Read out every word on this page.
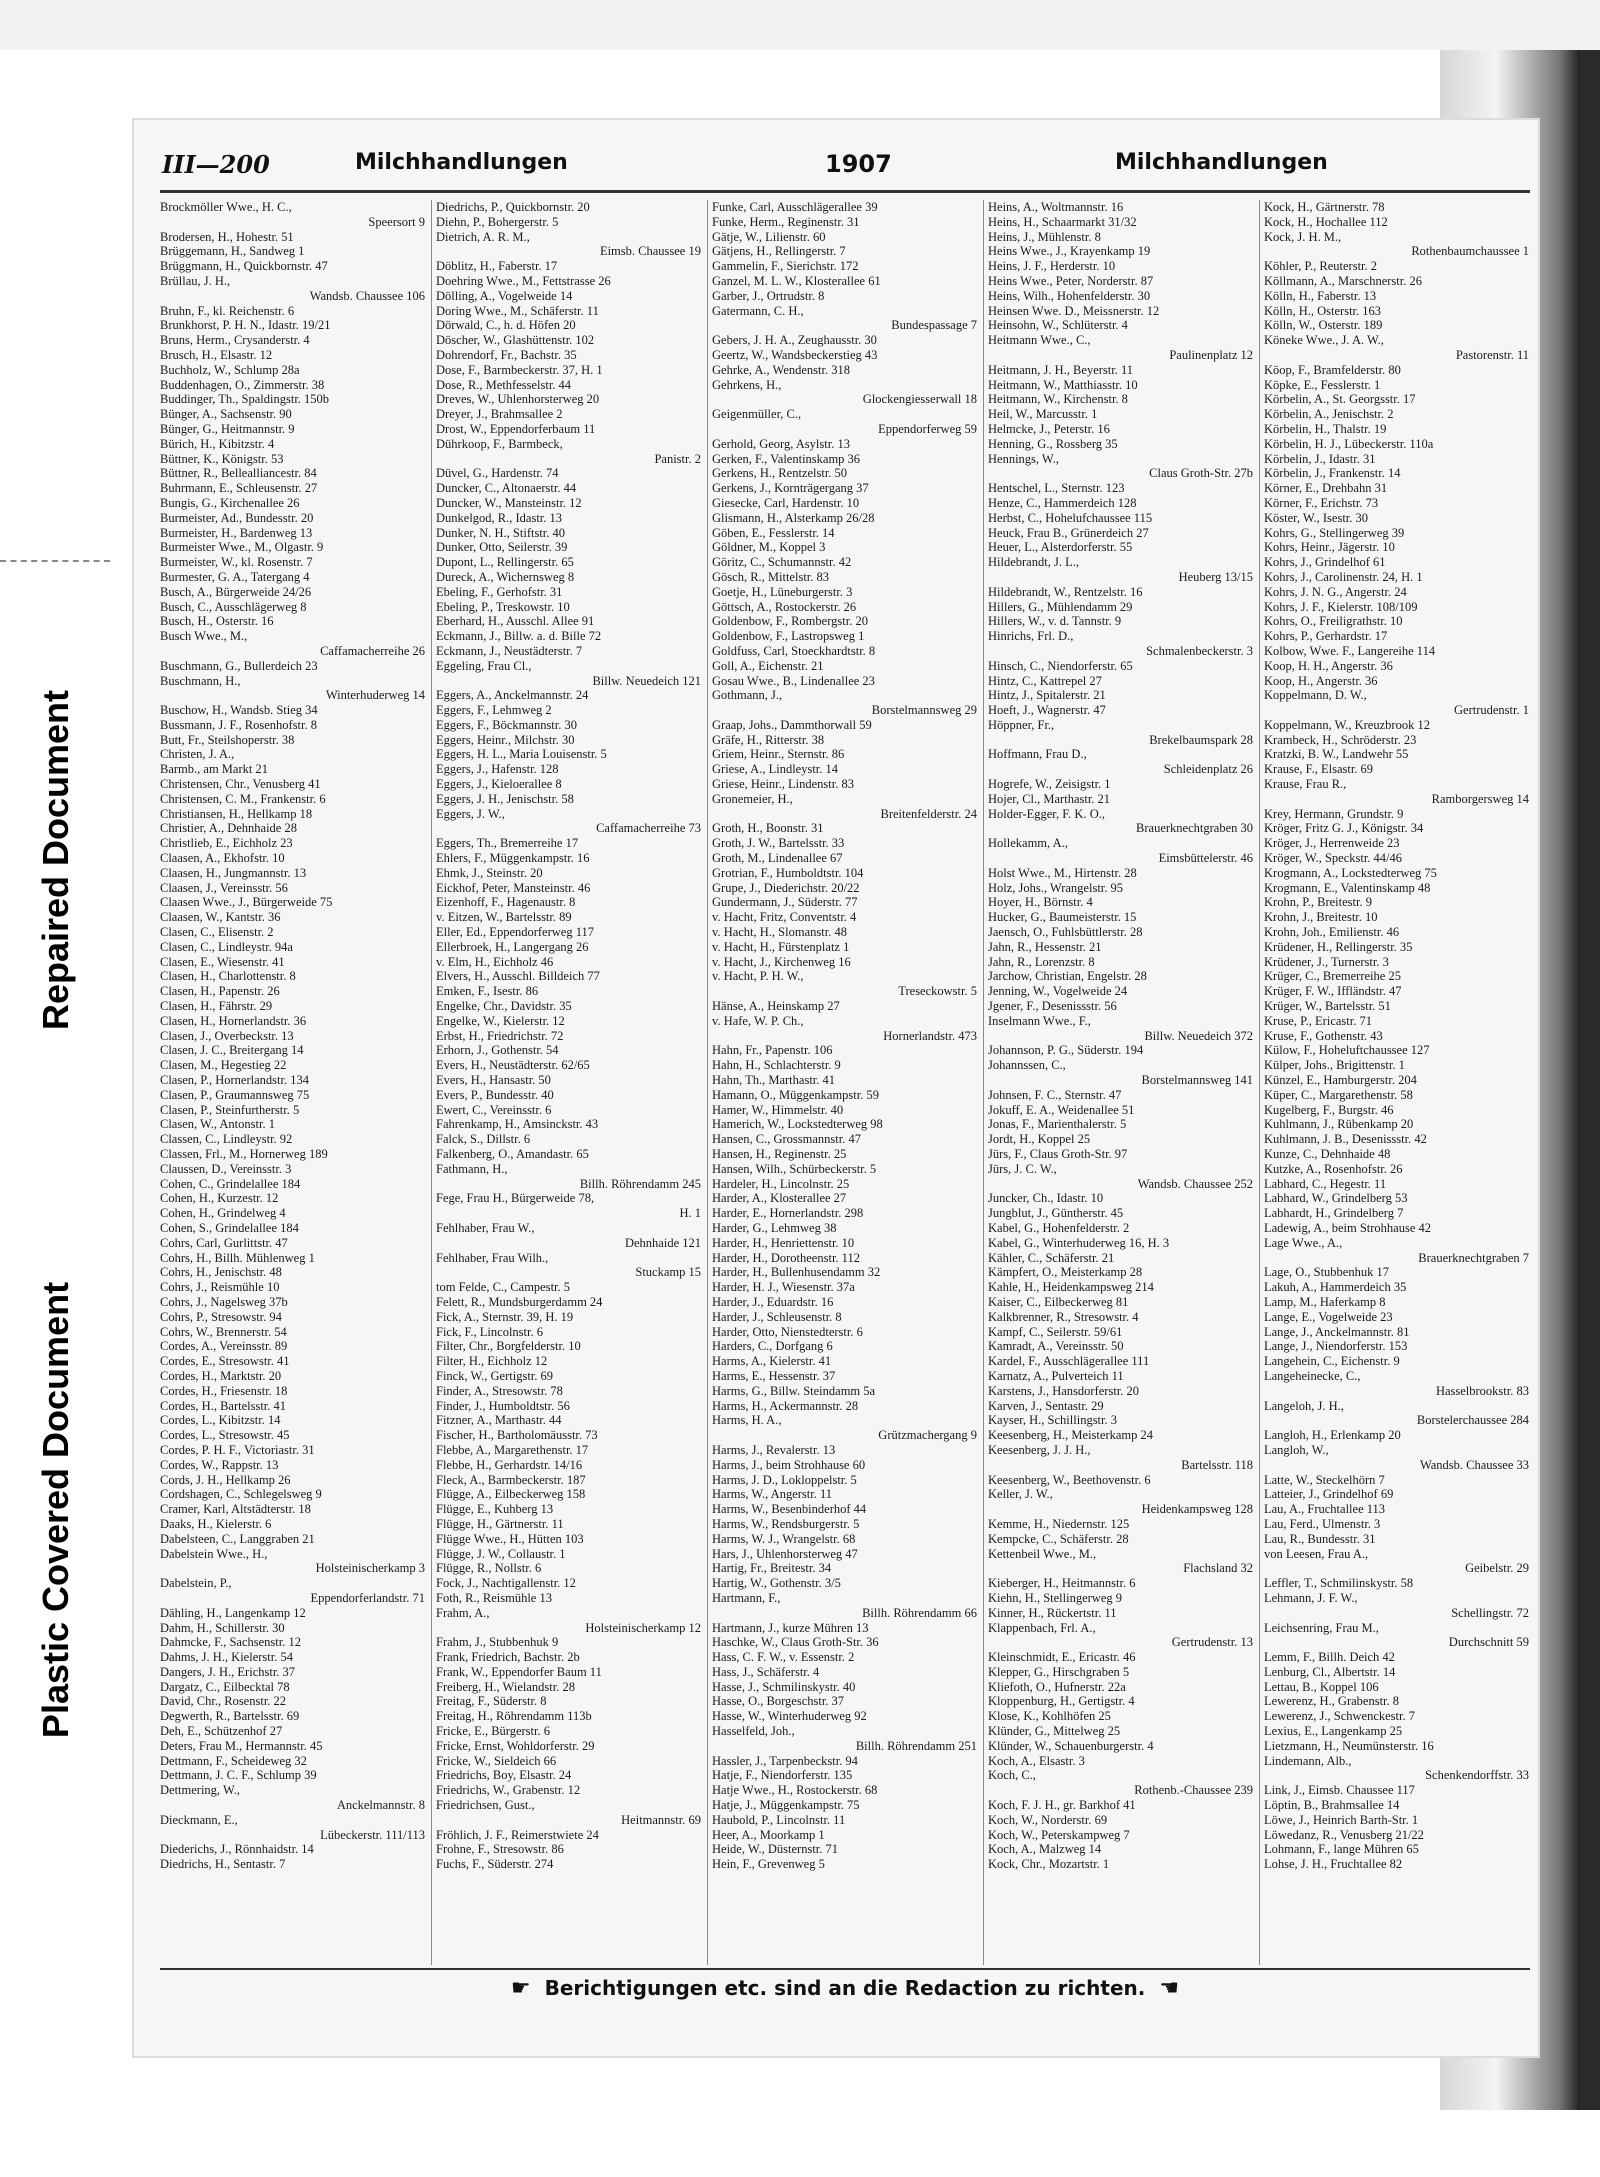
Repaired Document
Plastic Covered Document
III—200	Milchhandlungen	1907	Milchhandlungen
Brockmöller Wwe., H. C.,
Speersort 9
Brodersen, H., Hohestr. 51
Brüggemann, H., Sandweg 1
Brüggmann, H., Quickbornstr. 47
Brüllau, J. H.,
Wandsb. Chaussee 106
Bruhn, F., kl. Reichenstr. 6
Brunkhorst, P. H. N., Idastr. 19/21
Bruns, Herm., Crysanderstr. 4
Brusch, H., Elsastr. 12
Buchholz, W., Schlump 28a
Buddenhagen, O., Zimmerstr. 38
Buddinger, Th., Spaldingstr. 150b
Bünger, A., Sachsenstr. 90
Bünger, G., Heitmannstr. 9
Bürich, H., Kibitzstr. 4
Büttner, K., Königstr. 53
Büttner, R., Bellealliancestr. 84
Buhrmann, E., Schleusenstr. 27
Bungis, G., Kirchenallee 26
Burmeister, Ad., Bundesstr. 20
Burmeister, H., Bardenweg 13
Burmeister Wwe., M., Olgastr. 9
Burmeister, W., kl. Rosenstr. 7
Burmester, G. A., Tatergang 4
Busch, A., Bürgerweide 24/26
Busch, C., Ausschlägerweg 8
Busch, H., Osterstr. 16
Busch Wwe., M.,
Caffamacherreihe 26
Buschmann, G., Bullerdeich 23
Buschmann, H.,
Winterhuderweg 14
Buschow, H., Wandsb. Stieg 34
Bussmann, J. F., Rosenhofstr. 8
Butt, Fr., Steilshoperstr. 38
Christen, J. A.,
Barmb., am Markt 21
Christensen, Chr., Venusberg 41
Christensen, C. M., Frankenstr. 6
Christiansen, H., Hellkamp 18
Christier, A., Dehnhaide 28
Christlieb, E., Eichholz 23
Claasen, A., Ekhofstr. 10
Claasen, H., Jungmannstr. 13
Claasen, J., Vereinsstr. 56
Claasen Wwe., J., Bürgerweide 75
Claasen, W., Kantstr. 36
Clasen, C., Elisenstr. 2
Clasen, C., Lindleystr. 94a
Clasen, E., Wiesenstr. 41
Clasen, H., Charlottenstr. 8
Clasen, H., Papenstr. 26
Clasen, H., Fährstr. 29
Clasen, H., Hornerlandstr. 36
Clasen, J., Overbeckstr. 13
Clasen, J. C., Breitergang 14
Clasen, M., Hegestieg 22
Clasen, P., Hornerlandstr. 134
Clasen, P., Graumannsweg 75
Clasen, P., Steinfurtherstr. 5
Clasen, W., Antonstr. 1
Classen, C., Lindleystr. 92
Classen, Frl., M., Hornerweg 189
Claussen, D., Vereinsstr. 3
Cohen, C., Grindelallee 184
Cohen, H., Kurzestr. 12
Cohen, H., Grindelweg 4
Cohen, S., Grindelallee 184
Cohrs, Carl, Gurlittstr. 47
Cohrs, H., Billh. Mühlenweg 1
Cohrs, H., Jenischstr. 48
Cohrs, J., Reismühle 10
Cohrs, J., Nagelsweg 37b
Cohrs, P., Stresowstr. 94
Cohrs, W., Brennerstr. 54
Cordes, A., Vereinsstr. 89
Cordes, E., Stresowstr. 41
Cordes, H., Marktstr. 20
Cordes, H., Friesenstr. 18
Cordes, H., Bartelsstr. 41
Cordes, L., Kibitzstr. 14
Cordes, L., Stresowstr. 45
Cordes, P. H. F., Victoriastr. 31
Cordes, W., Rappstr. 13
Cords, J. H., Hellkamp 26
Cordshagen, C., Schlegelsweg 9
Cramer, Karl, Altstädterstr. 18
Daaks, H., Kielerstr. 6
Dabelsteen, C., Langgraben 21
Dabelstein Wwe., H.,
Holsteinischerkamp 3
Dabelstein, P.,
Eppendorferlandstr. 71
Dähling, H., Langenkamp 12
Dahm, H., Schillerstr. 30
Dahmcke, F., Sachsenstr. 12
Dahms, J. H., Kielerstr. 54
Dangers, J. H., Erichstr. 37
Dargatz, C., Eilbecktal 78
David, Chr., Rosenstr. 22
Degwerth, R., Bartelsstr. 69
Deh, E., Schützenhof 27
Deters, Frau M., Hermannstr. 45
Dettmann, F., Scheideweg 32
Dettmann, J. C. F., Schlump 39
Dettmering, W.,
Anckelmannstr. 8
Dieckmann, E.,
Lübeckerstr. 111/113
Diederichs, J., Rönnhaidstr. 14
Diedrichs, H., Sentastr. 7
Diedrichs, P., Quickbornstr. 20
Diehn, P., Bohergerstr. 5
Dietrich, A. R. M.,
Eimsb. Chaussee 19
Döblitz, H., Faberstr. 17
Doehring Wwe., M., Fettstrasse 26
Dölling, A., Vogelweide 14
Doring Wwe., M., Schäferstr. 11
Dörwald, C., h. d. Höfen 20
Döscher, W., Glashüttenstr. 102
Dohrendorf, Fr., Bachstr. 35
Dose, F., Barmbeckerstr. 37, H. 1
Dose, R., Methfesselstr. 44
Dreves, W., Uhlenhorsterweg 20
Dreyer, J., Brahmsallee 2
Drost, W., Eppendorferbaum 11
Dührkoop, F., Barmbeck,
Panistr. 2
Düvel, G., Hardenstr. 74
Duncker, C., Altonaerstr. 44
Duncker, W., Mansteinstr. 12
Dunkelgod, R., Idastr. 13
Dunker, N. H., Stiftstr. 40
Dunker, Otto, Seilerstr. 39
Dupont, L., Rellingerstr. 65
Dureck, A., Wichernsweg 8
Ebeling, F., Gerhofstr. 31
Ebeling, P., Treskowstr. 10
Eberhard, H., Ausschl. Allee 91
Eckmann, J., Billw. a. d. Bille 72
Eckmann, J., Neustädterstr. 7
Eggeling, Frau Cl.,
Billw. Neuedeich 121
Eggers, A., Anckelmannstr. 24
Eggers, F., Lehmweg 2
Eggers, F., Böckmannstr. 30
Eggers, Heinr., Milchstr. 30
Eggers, H. L., Maria Louisenstr. 5
Eggers, J., Hafenstr. 128
Eggers, J., Kieloerallee 8
Eggers, J. H., Jenischstr. 58
Eggers, J. W.,
Caffamacherreihe 73
Eggers, Th., Bremerreihe 17
Ehlers, F., Müggenkampstr. 16
Ehmk, J., Steinstr. 20
Eickhof, Peter, Mansteinstr. 46
Eizenhoff, F., Hagenaustr. 8
v. Eitzen, W., Bartelsstr. 89
Eller, Ed., Eppendorferweg 117
Ellerbroek, H., Langergang 26
v. Elm, H., Eichholz 46
Elvers, H., Ausschl. Billdeich 77
Emken, F., Isestr. 86
Engelke, Chr., Davidstr. 35
Engelke, W., Kielerstr. 12
Erbst, H., Friedrichstr. 72
Erhorn, J., Gothenstr. 54
Evers, H., Neustädterstr. 62/65
Evers, H., Hansastr. 50
Evers, P., Bundesstr. 40
Ewert, C., Vereinsstr. 6
Fahrenkamp, H., Amsinckstr. 43
Falck, S., Dillstr. 6
Falkenberg, O., Amandastr. 65
Fathmann, H.,
Billh. Röhrendamm 245
Fege, Frau H., Bürgerweide 78,
H. 1
Fehlhaber, Frau W.,
Dehnhaide 121
Fehlhaber, Frau Wilh.,
Stuckamp 15
tom Felde, C., Campestr. 5
Felett, R., Mundsburgerdamm 24
Fick, A., Sternstr. 39, H. 19
Fick, F., Lincolnstr. 6
Filter, Chr., Borgfelderstr. 10
Filter, H., Eichholz 12
Finck, W., Gertigstr. 69
Finder, A., Stresowstr. 78
Finder, J., Humboldtstr. 56
Fitzner, A., Marthastr. 44
Fischer, H., Bartholomäusstr. 73
Flebbe, A., Margarethenstr. 17
Flebbe, H., Gerhardstr. 14/16
Fleck, A., Barmbeckerstr. 187
Flügge, A., Eilbeckerweg 158
Flügge, E., Kuhberg 13
Flügge, H., Gärtnerstr. 11
Flügge Wwe., H., Hütten 103
Flügge, J. W., Collaustr. 1
Flügge, R., Nollstr. 6
Fock, J., Nachtigallenstr. 12
Foth, R., Reismühle 13
Frahm, A.,
Holsteinischerkamp 12
Frahm, J., Stubbenhuk 9
Frank, Friedrich, Bachstr. 2b
Frank, W., Eppendorfer Baum 11
Freiberg, H., Wielandstr. 28
Freitag, F., Süderstr. 8
Freitag, H., Röhrendamm 113b
Fricke, E., Bürgerstr. 6
Fricke, Ernst, Wohldorferstr. 29
Fricke, W., Sieldeich 66
Friedrichs, Boy, Elsastr. 24
Friedrichs, W., Grabenstr. 12
Friedrichsen, Gust.,
Heitmannstr. 69
Fröhlich, J. F., Reimerstwiete 24
Frohne, F., Stresowstr. 86
Fuchs, F., Süderstr. 274
Funke, Carl, Ausschlägerallee 39
Funke, Herm., Reginenstr. 31
Gätje, W., Lilienstr. 60
Gätjens, H., Rellingerstr. 7
Gammelin, F., Sierichstr. 172
Ganzel, M. L. W., Klosterallee 61
Garber, J., Ortrudstr. 8
Gatermann, C. H.,
Bundespassage 7
Gebers, J. H. A., Zeughausstr. 30
Geertz, W., Wandsbeckerstieg 43
Gehrke, A., Wendenstr. 318
Gehrkens, H.,
Glockengiesserwall 18
Geigenmüller, C.,
Eppendorferweg 59
Gerhold, Georg, Asylstr. 13
Gerken, F., Valentinskamp 36
Gerkens, H., Rentzelstr. 50
Gerkens, J., Kornträgergang 37
Giesecke, Carl, Hardenstr. 10
Glismann, H., Alsterkamp 26/28
Göben, E., Fesslerstr. 14
Göldner, M., Koppel 3
Göritz, C., Schumannstr. 42
Gösch, R., Mittelstr. 83
Goetje, H., Lüneburgerstr. 3
Göttsch, A., Rostockerstr. 26
Goldenbow, F., Rombergstr. 20
Goldenbow, F., Lastropsweg 1
Goldfuss, Carl, Stoeckhardtstr. 8
Goll, A., Eichenstr. 21
Gosau Wwe., B., Lindenallee 23
Gothmann, J.,
Borstelmannsweg 29
Graap, Johs., Dammthorwall 59
Gräfe, H., Ritterstr. 38
Griem, Heinr., Sternstr. 86
Griese, A., Lindleystr. 14
Griese, Heinr., Lindenstr. 83
Gronemeier, H.,
Breitenfelderstr. 24
Groth, H., Boonstr. 31
Groth, J. W., Bartelsstr. 33
Groth, M., Lindenallee 67
Grotrian, F., Humboldtstr. 104
Grupe, J., Diederichstr. 20/22
Gundermann, J., Süderstr. 77
v. Hacht, Fritz, Conventstr. 4
v. Hacht, H., Slomanstr. 48
v. Hacht, H., Fürstenplatz 1
v. Hacht, J., Kirchenweg 16
v. Hacht, P. H. W.,
Treseckowstr. 5
Hänse, A., Heinskamp 27
v. Hafe, W. P. Ch.,
Hornerlandstr. 473
Hahn, Fr., Papenstr. 106
Hahn, H., Schlachterstr. 9
Hahn, Th., Marthastr. 41
Hamann, O., Müggenkampstr. 59
Hamer, W., Himmelstr. 40
Hamerich, W., Lockstedterweg 98
Hansen, C., Grossmannstr. 47
Hansen, H., Reginenstr. 25
Hansen, Wilh., Schürbeckerstr. 5
Hardeler, H., Lincolnstr. 25
Harder, A., Klosterallee 27
Harder, E., Hornerlandstr. 298
Harder, G., Lehmweg 38
Harder, H., Henriettenstr. 10
Harder, H., Dorotheenstr. 112
Harder, H., Bullenhusendamm 32
Harder, H. J., Wiesenstr. 37a
Harder, J., Eduardstr. 16
Harder, J., Schleusenstr. 8
Harder, Otto, Nienstedterstr. 6
Harders, C., Dorfgang 6
Harms, A., Kielerstr. 41
Harms, E., Hessenstr. 37
Harms, G., Billw. Steindamm 5a
Harms, H., Ackermannstr. 28
Harms, H. A.,
Grützmachergang 9
Harms, J., Revalerstr. 13
Harms, J., beim Strohhause 60
Harms, J. D., Lokloppelstr. 5
Harms, W., Angerstr. 11
Harms, W., Besenbinderhof 44
Harms, W., Rendsburgerstr. 5
Harms, W. J., Wrangelstr. 68
Hars, J., Uhlenhorsterweg 47
Hartig, Fr., Breitestr. 34
Hartig, W., Gothenstr. 3/5
Hartmann, F.,
Billh. Röhrendamm 66
Hartmann, J., kurze Mühren 13
Haschke, W., Claus Groth-Str. 36
Hass, C. F. W., v. Essenstr. 2
Hass, J., Schäferstr. 4
Hasse, J., Schmilinskystr. 40
Hasse, O., Borgeschstr. 37
Hasse, W., Winterhuderweg 92
Hasselfeld, Joh.,
Billh. Röhrendamm 251
Hassler, J., Tarpenbeckstr. 94
Hatje, F., Niendorferstr. 135
Hatje Wwe., H., Rostockerstr. 68
Hatje, J., Müggenkampstr. 75
Haubold, P., Lincolnstr. 11
Heer, A., Moorkamp 1
Heide, W., Düsternstr. 71
Hein, F., Grevenweg 5
Heins, A., Woltmannstr. 16
Heins, H., Schaarmarkt 31/32
Heins, J., Mühlenstr. 8
Heins Wwe., J., Krayenkamp 19
Heins, J. F., Herderstr. 10
Heins Wwe., Peter, Norderstr. 87
Heins, Wilh., Hohenfelderstr. 30
Heinsen Wwe. D., Meissnerstr. 12
Heinsohn, W., Schlüterstr. 4
Heitmann Wwe., C.,
Paulinenplatz 12
Heitmann, J. H., Beyerstr. 11
Heitmann, W., Matthiasstr. 10
Heitmann, W., Kirchenstr. 8
Heil, W., Marcusstr. 1
Helmcke, J., Peterstr. 16
Henning, G., Rossberg 35
Hennings, W.,
Claus Groth-Str. 27b
Hentschel, L., Sternstr. 123
Henze, C., Hammerdeich 128
Herbst, C., Hohelufchaussee 115
Heuck, Frau B., Grünerdeich 27
Heuer, L., Alsterdorferstr. 55
Hildebrandt, J. L.,
Heuberg 13/15
Hildebrandt, W., Rentzelstr. 16
Hillers, G., Mühlendamm 29
Hillers, W., v. d. Tannstr. 9
Hinrichs, Frl. D.,
Schmalenbeckerstr. 3
Hinsch, C., Niendorferstr. 65
Hintz, C., Kattrepel 27
Hintz, J., Spitalerstr. 21
Hoeft, J., Wagnerstr. 47
Höppner, Fr.,
Brekelbaumspark 28
Hoffmann, Frau D.,
Schleidenplatz 26
Hogrefe, W., Zeisigstr. 1
Hojer, Cl., Marthastr. 21
Holder-Egger, F. K. O.,
Brauerknechtgraben 30
Hollekamm, A.,
Eimsbüttelerstr. 46
Holst Wwe., M., Hirtenstr. 28
Holz, Johs., Wrangelstr. 95
Hoyer, H., Börnstr. 4
Hucker, G., Baumeisterstr. 15
Jaensch, O., Fuhlsbüttlerstr. 28
Jahn, R., Hessenstr. 21
Jahn, R., Lorenzstr. 8
Jarchow, Christian, Engelstr. 28
Jenning, W., Vogelweide 24
Jgener, F., Desenissstr. 56
Inselmann Wwe., F.,
Billw. Neuedeich 372
Johannson, P. G., Süderstr. 194
Johannssen, C.,
Borstelmannsweg 141
Johnsen, F. C., Sternstr. 47
Jokuff, E. A., Weidenallee 51
Jonas, F., Marienthalerstr. 5
Jordt, H., Koppel 25
Jürs, F., Claus Groth-Str. 97
Jürs, J. C. W.,
Wandsb. Chaussee 252
Juncker, Ch., Idastr. 10
Jungblut, J., Güntherstr. 45
Kabel, G., Hohenfelderstr. 2
Kabel, G., Winterhuderweg 16, H. 3
Kähler, C., Schäferstr. 21
Kämpfert, O., Meisterkamp 28
Kahle, H., Heidenkampsweg 214
Kaiser, C., Eilbeckerweg 81
Kalkbrenner, R., Stresowstr. 4
Kampf, C., Seilerstr. 59/61
Kamradt, A., Vereinsstr. 50
Kardel, F., Ausschlägerallee 111
Karnatz, A., Pulverteich 11
Karstens, J., Hansdorferstr. 20
Karven, J., Sentastr. 29
Kayser, H., Schillingstr. 3
Keesenberg, H., Meisterkamp 24
Keesenberg, J. J. H.,
Bartelsstr. 118
Keesenberg, W., Beethovenstr. 6
Keller, J. W.,
Heidenkampsweg 128
Kemme, H., Niedernstr. 125
Kempcke, C., Schäferstr. 28
Kettenbeil Wwe., M.,
Flachsland 32
Kieberger, H., Heitmannstr. 6
Kiehn, H., Stellingerweg 9
Kinner, H., Rückertstr. 11
Klappenbach, Frl. A.,
Gertrudenstr. 13
Kleinschmidt, E., Ericastr. 46
Klepper, G., Hirschgraben 5
Kliefoth, O., Hufnerstr. 22a
Kloppenburg, H., Gertigstr. 4
Klose, K., Kohlhöfen 25
Klünder, G., Mittelweg 25
Klünder, W., Schauenburgerstr. 4
Koch, A., Elsastr. 3
Koch, C.,
Rothenb.-Chaussee 239
Koch, F. J. H., gr. Barkhof 41
Koch, W., Norderstr. 69
Koch, W., Peterskampweg 7
Koch, A., Malzweg 14
Kock, Chr., Mozartstr. 1
Kock, H., Gärtnerstr. 78
Kock, H., Hochallee 112
Kock, J. H. M.,
Rothenbaumchaussee 1
Köhler, P., Reuterstr. 2
Köllmann, A., Marschnerstr. 26
Kölln, H., Faberstr. 13
Kölln, H., Osterstr. 163
Kölln, W., Osterstr. 189
Köneke Wwe., J. A. W.,
Pastorenstr. 11
Köop, F., Bramfelderstr. 80
Köpke, E., Fesslerstr. 1
Körbelin, A., St. Georgsstr. 17
Körbelin, A., Jenischstr. 2
Körbelin, H., Thalstr. 19
Körbelin, H. J., Lübeckerstr. 110a
Körbelin, J., Idastr. 31
Körbelin, J., Frankenstr. 14
Körner, E., Drehbahn 31
Körner, F., Erichstr. 73
Köster, W., Isestr. 30
Kohrs, G., Stellingerweg 39
Kohrs, Heinr., Jägerstr. 10
Kohrs, J., Grindelhof 61
Kohrs, J., Carolinenstr. 24, H. 1
Kohrs, J. N. G., Angerstr. 24
Kohrs, J. F., Kielerstr. 108/109
Kohrs, O., Freiligrathstr. 10
Kohrs, P., Gerhardstr. 17
Kolbow, Wwe. F., Langereihe 114
Koop, H. H., Angerstr. 36
Koop, H., Angerstr. 36
Koppelmann, D. W.,
Gertrudenstr. 1
Koppelmann, W., Kreuzbrook 12
Krambeck, H., Schröderstr. 23
Kratzki, B. W., Landwehr 55
Krause, F., Elsastr. 69
Krause, Frau R.,
Ramborgersweg 14
Krey, Hermann, Grundstr. 9
Kröger, Fritz G. J., Königstr. 34
Kröger, J., Herrenweide 23
Kröger, W., Speckstr. 44/46
Krogmann, A., Lockstedterweg 75
Krogmann, E., Valentinskamp 48
Krohn, P., Breitestr. 9
Krohn, J., Breitestr. 10
Krohn, Joh., Emilienstr. 46
Krüdener, H., Rellingerstr. 35
Krüdener, J., Turnerstr. 3
Krüger, C., Bremerreihe 25
Krüger, F. W., Iffländstr. 47
Krüger, W., Bartelsstr. 51
Kruse, P., Ericastr. 71
Kruse, F., Gothenstr. 43
Külow, F., Hoheluftchaussee 127
Külper, Johs., Brigittenstr. 1
Künzel, E., Hamburgerstr. 204
Küper, C., Margarethenstr. 58
Kugelberg, F., Burgstr. 46
Kuhlmann, J., Rübenkamp 20
Kuhlmann, J. B., Desenissstr. 42
Kunze, C., Dehnhaide 48
Kutzke, A., Rosenhofstr. 26
Labhard, C., Hegestr. 11
Labhard, W., Grindelberg 53
Labhardt, H., Grindelberg 7
Ladewig, A., beim Strohhause 42
Lage Wwe., A.,
Brauerknechtgraben 7
Lage, O., Stubbenhuk 17
Lakuh, A., Hammerdeich 35
Lamp, M., Haferkamp 8
Lange, E., Vogelweide 23
Lange, J., Anckelmannstr. 81
Lange, J., Niendorferstr. 153
Langehein, C., Eichenstr. 9
Langeheinecke, C.,
Hasselbrookstr. 83
Langeloh, J. H.,
Borstelerchaussee 284
Langloh, H., Erlenkamp 20
Langloh, W.,
Wandsb. Chaussee 33
Latte, W., Steckelhörn 7
Latteier, J., Grindelhof 69
Lau, A., Fruchtallee 113
Lau, Ferd., Ulmenstr. 3
Lau, R., Bundesstr. 31
von Leesen, Frau A.,
Geibelstr. 29
Leffler, T., Schmilinskystr. 58
Lehmann, J. F. W.,
Schellingstr. 72
Leichsenring, Frau M.,
Durchschnitt 59
Lemm, F., Billh. Deich 42
Lenburg, Cl., Albertstr. 14
Lettau, B., Koppel 106
Lewerenz, H., Grabenstr. 8
Lewerenz, J., Schwenckestr. 7
Lexius, E., Langenkamp 25
Lietzmann, H., Neumünsterstr. 16
Lindemann, Alb.,
Schenkendorffstr. 33
Link, J., Eimsb. Chaussee 117
Löptin, B., Brahmsallee 14
Löwe, J., Heinrich Barth-Str. 1
Löwedanz, R., Venusberg 21/22
Lohmann, F., lange Mühren 65
Lohse, J. H., Fruchtallee 82
☛ Berichtigungen etc. sind an die Redaction zu richten. ☚
